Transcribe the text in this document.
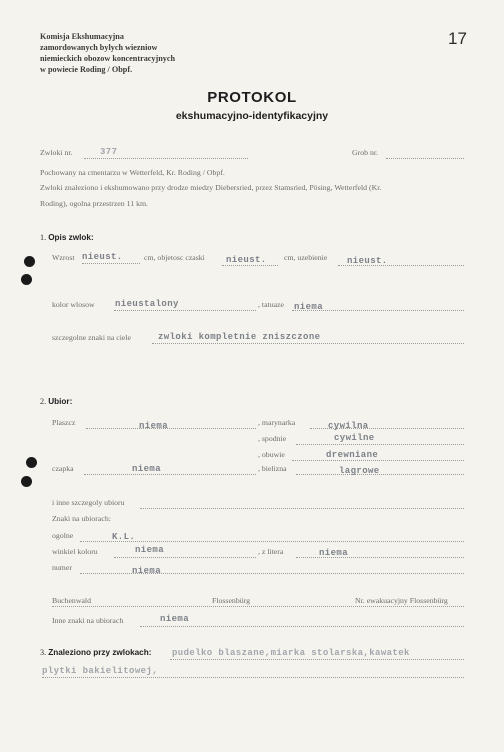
Komisja Ekshumacyjna
zamordowanych bylych wiezniow
niemieckich obozow koncentracyjnych
w powiecie Roding / Obpf.
17
PROTOKOL
ekshumacyjno-identyfikacyjny
Zwloki nr.	377	Grob nr.
Pochowany na cmentarzu w Wetterfeld, Kr. Roding / Obpf.
Zwloki znaleziono i ekshumowano przy drodze miedzy Diebersried, przez Stamsried, Pösing, Wetterfeld (Kr.
Roding), ogolna przestrzen 11 km.
1. Opis zwlok:
Wzrost nieust.	cm, objetosc czaski nieust. cm, uzebienie nieust.
kolor wlosow nieustalony	, tatuaze niema
szczegolne znaki na ciele	zwloki kompletnie zniszczone
2. Ubior:
Plaszcz	niema	, marynarka	cywilna
, spodnie	cywilne
, obuwie	drewniane
czapka	niema	, bielizna	lagrowe
i inne szczegoly ubioru
Znaki na ubiorach:
ogolne	K.L.
winkiel koloru	niema	, z litera	niema
numer	niema
Buchenwald	Flossenbürg	Nr. ewakuacyjny Flossenbürg
Inne znaki na ubiorach	niema
3. Znaleziono przy zwlokach: pudelko blaszane,miarka stolarska,kawatek
plytki bakielitowej,
